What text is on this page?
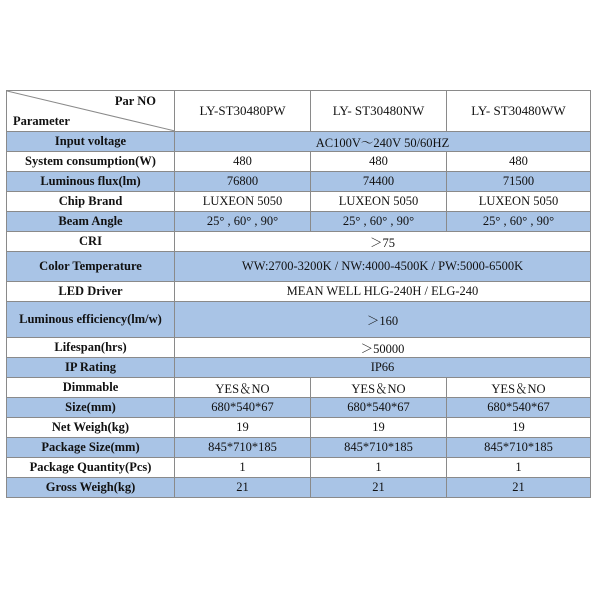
Par NO
Parameter	LY-ST30480PW	LY- ST30480NW	LY- ST30480WW
Input voltage	AC100V～240V 50/60HZ		
System consumption(W)	480	480	480
Luminous flux(lm)	76800	74400	71500
Chip Brand	LUXEON 5050	LUXEON 5050	LUXEON 5050
Beam Angle	25° , 60° , 90°	25° , 60° , 90°	25° , 60° , 90°
CRI	＞75		
Color Temperature	WW:2700-3200K / NW:4000-4500K / PW:5000-6500K		
LED Driver	MEAN WELL HLG-240H / ELG-240		
Luminous efficiency(lm/w)	＞160		
Lifespan(hrs)	＞50000		
IP Rating	IP66		
Dimmable	YES＆NO	YES＆NO	YES＆NO
Size(mm)	680*540*67	680*540*67	680*540*67
Net Weigh(kg)	19	19	19
Package Size(mm)	845*710*185	845*710*185	845*710*185
Package Quantity(Pcs)	1	1	1
Gross Weigh(kg)	21	21	21
